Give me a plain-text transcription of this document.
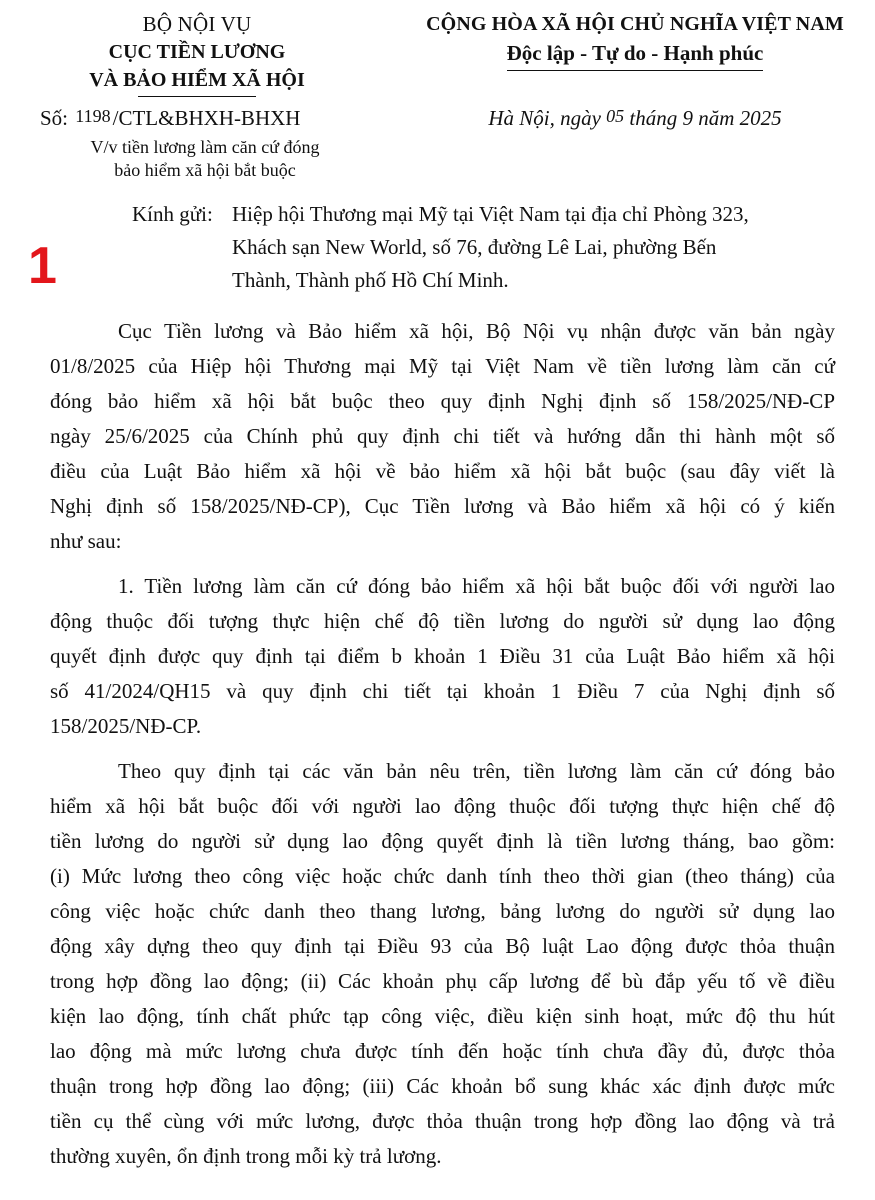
BỘ NỘI VỤ
CỤC TIỀN LƯƠNG
VÀ BẢO HIỂM XÃ HỘI
CỘNG HÒA XÃ HỘI CHỦ NGHĨA VIỆT NAM
Độc lập - Tự do - Hạnh phúc
Số: 1198/CTL&BHXH-BHXH
V/v tiền lương làm căn cứ đóng
bảo hiểm xã hội bắt buộc
Hà Nội, ngày 05 tháng 9 năm 2025
1
Kính gửi: Hiệp hội Thương mại Mỹ tại Việt Nam tại địa chỉ Phòng 323,
Khách sạn New World, số 76, đường Lê Lai, phường Bến
Thành, Thành phố Hồ Chí Minh.
Cục Tiền lương và Bảo hiểm xã hội, Bộ Nội vụ nhận được văn bản ngày
01/8/2025 của Hiệp hội Thương mại Mỹ tại Việt Nam về tiền lương làm căn cứ
đóng bảo hiểm xã hội bắt buộc theo quy định Nghị định số 158/2025/NĐ-CP
ngày 25/6/2025 của Chính phủ quy định chi tiết và hướng dẫn thi hành một số
điều của Luật Bảo hiểm xã hội về bảo hiểm xã hội bắt buộc (sau đây viết là
Nghị định số 158/2025/NĐ-CP), Cục Tiền lương và Bảo hiểm xã hội có ý kiến
như sau:
1. Tiền lương làm căn cứ đóng bảo hiểm xã hội bắt buộc đối với người lao
động thuộc đối tượng thực hiện chế độ tiền lương do người sử dụng lao động
quyết định được quy định tại điểm b khoản 1 Điều 31 của Luật Bảo hiểm xã hội
số 41/2024/QH15 và quy định chi tiết tại khoản 1 Điều 7 của Nghị định số
158/2025/NĐ-CP.
Theo quy định tại các văn bản nêu trên, tiền lương làm căn cứ đóng bảo
hiểm xã hội bắt buộc đối với người lao động thuộc đối tượng thực hiện chế độ
tiền lương do người sử dụng lao động quyết định là tiền lương tháng, bao gồm:
(i) Mức lương theo công việc hoặc chức danh tính theo thời gian (theo tháng) của
công việc hoặc chức danh theo thang lương, bảng lương do người sử dụng lao
động xây dựng theo quy định tại Điều 93 của Bộ luật Lao động được thỏa thuận
trong hợp đồng lao động; (ii) Các khoản phụ cấp lương để bù đắp yếu tố về điều
kiện lao động, tính chất phức tạp công việc, điều kiện sinh hoạt, mức độ thu hút
lao động mà mức lương chưa được tính đến hoặc tính chưa đầy đủ, được thỏa
thuận trong hợp đồng lao động; (iii) Các khoản bổ sung khác xác định được mức
tiền cụ thể cùng với mức lương, được thỏa thuận trong hợp đồng lao động và trả
thường xuyên, ổn định trong mỗi kỳ trả lương.
